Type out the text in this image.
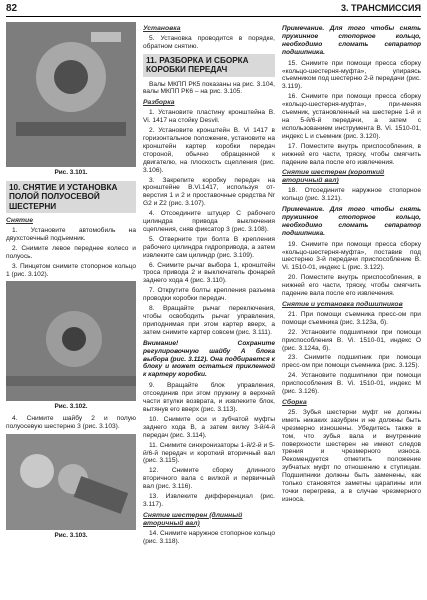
82	3. ТРАНСМИССИЯ
Рис. 3.101.
10. СНЯТИЕ И УСТАНОВКА ПОЛОЙ ПОЛУОСЕВОЙ ШЕСТЕРНИ
Снятие
1. Установите автомобиль на двухстоечный подъемник.
2. Снимите левое переднее колесо и полуось.
3. Пинцетом снимите стопорное кольцо 1 (рис. 3.102).
Рис. 3.102.
4. Снимите шайбу 2 и полую полуосевую шестерню 3 (рис. 3.103).
Рис. 3.103.
Установка
5. Установка проводится в порядке, обратном снятию.
11. РАЗБОРКА И СБОРКА КОРОБКИ ПЕРЕДАЧ
Валы МКПП РК5 показаны на рис. 3.104, валы МКПП РК6 – на рис. 3.105.
Разборка
1. Установите пластину кронштейна B. Vi. 1417 на стойку Desvil.
2. Установите кронштейн B. Vi 1417 в горизонтальное положение, установите на кронштейн картер коробки передач стороной, обычно обращенной к двигателю, на плоскость сцепления (рис. 3.106).
3. Закрепите коробку передач на кронштейне B.Vi.1417, используя от-верстия 1 и 2 и проставочные средства Nr G2 и Z2 (рис. 3.107).
4. Отсоедините штуцер С рабочего цилиндра привода выключения сцепления, сняв фиксатор 3 (рис. 3.108).
5. Отверните три болта В крепления рабочего цилиндра гидропривода, а затем извлеките сам цилиндр (рис. 3.109).
6. Снимите рычаг выбора 1, кронштейн троса привода 2 и выключатель фонарей заднего хода 4 (рис. 3.110).
7. Открутите болты крепления разъема проводки коробки передач.
8. Вращайте рычаг переключения, чтобы освободить рычаг управления, приподнимая при этом картер вверх, а затем снимите картер совсем (рис. 3.111).
Внимание! Сохраните регулировочную шайбу А блока выбора (рис. 3.112). Она подбирается к блоку и может остаться прикленной к картеру коробки.
9. Вращайте блок управления, отсоединив при этом пружину в верхней части втулки возврата, и извлеките блок, вытянув его вверх (рис. 3.113).
10. Снимите оси и зубчатой муфты заднего хода В, а затем вилку 3-й/4-й передач (рис. 3.114).
11. Снимите синхронизаторы 1-й/2-й и 5-й/6-й передач и короткий вторичный вал (рис. 3.115).
12. Снимите сборку длинного вторичного вала с вилкой и первичный вал (рис. 3.116).
13. Извлеките дифференциал (рис. 3.117).
Снятие шестерен (длинный вторичный вал)
14. Снимите наружное стопорное кольцо (рис. 3.118).
Примечание. Для того чтобы снять пружинное стопорное кольцо, необходимо сломать сепаратор подшипника.
15. Снимите при помощи пресса сборку «кольцо-шестерня-муфта», упираясь съемником под шестерню 2-й передачи (рис. 3.119).
16. Снимите при помощи пресса сборку «кольцо-шестерня-муфта», при-меняя съемник, установленный на шестерне 1-й и на 5-й/6-й передачи, а затем с использованием инструмента B. Vi. 1510-01, индекс L и съемник (рис. 3.120).
17. Поместите внутрь приспособления, в нижней его части, тряску, чтобы смягчить падение вала после его извлечения.
Снятие шестерен (короткий вторичный вал)
18. Отсоедините наружное стопорное кольцо (рис. 3.121).
Примечание. Для того чтобы снять пружинное стопорное кольцо, необходимо сломать сепаратор подшипника.
19. Снимите при помощи пресса сборку «кольцо-шестерня-муфта», поставив под шестерню 3-й передачи приспособление B. Vi. 1510-01, индекс L (рис. 3.122).
20. Поместите внутрь приспособления, в нижней его части, тряску, чтобы смягчить падение вала после его извлечения.
Снятие и установка подшипников
21. При помощи съемника пресс-ом при помощи съемника (рис. 3.123а, б).
22. Установите подшипники при помощи приспособления B. Vi. 1510-01, индекс О (рис. 3.124а, б).
23. Снимите подшипник при помощи пресс-ом при помощи съемника (рис. 3.125).
24. Установите подшипники при помощи приспособления B. Vi. 1510-01, индекс М (рис. 3.126).
Сборка
25. Зубья шестерни муфт не должны иметь никаких зазубрин и не должны быть чрезмерно изношены. Убедитесь также в том, что зубья вала и внутренние поверхности шестерен не имеют следов трения и чрезмерного износа. Рекомендуется отметить положение зубчатых муфт по отношению к ступицам. Подшипники должны быть заменены, как только становятся заметны царапины или точки перегрева, а в случае чрезмерного износа.
